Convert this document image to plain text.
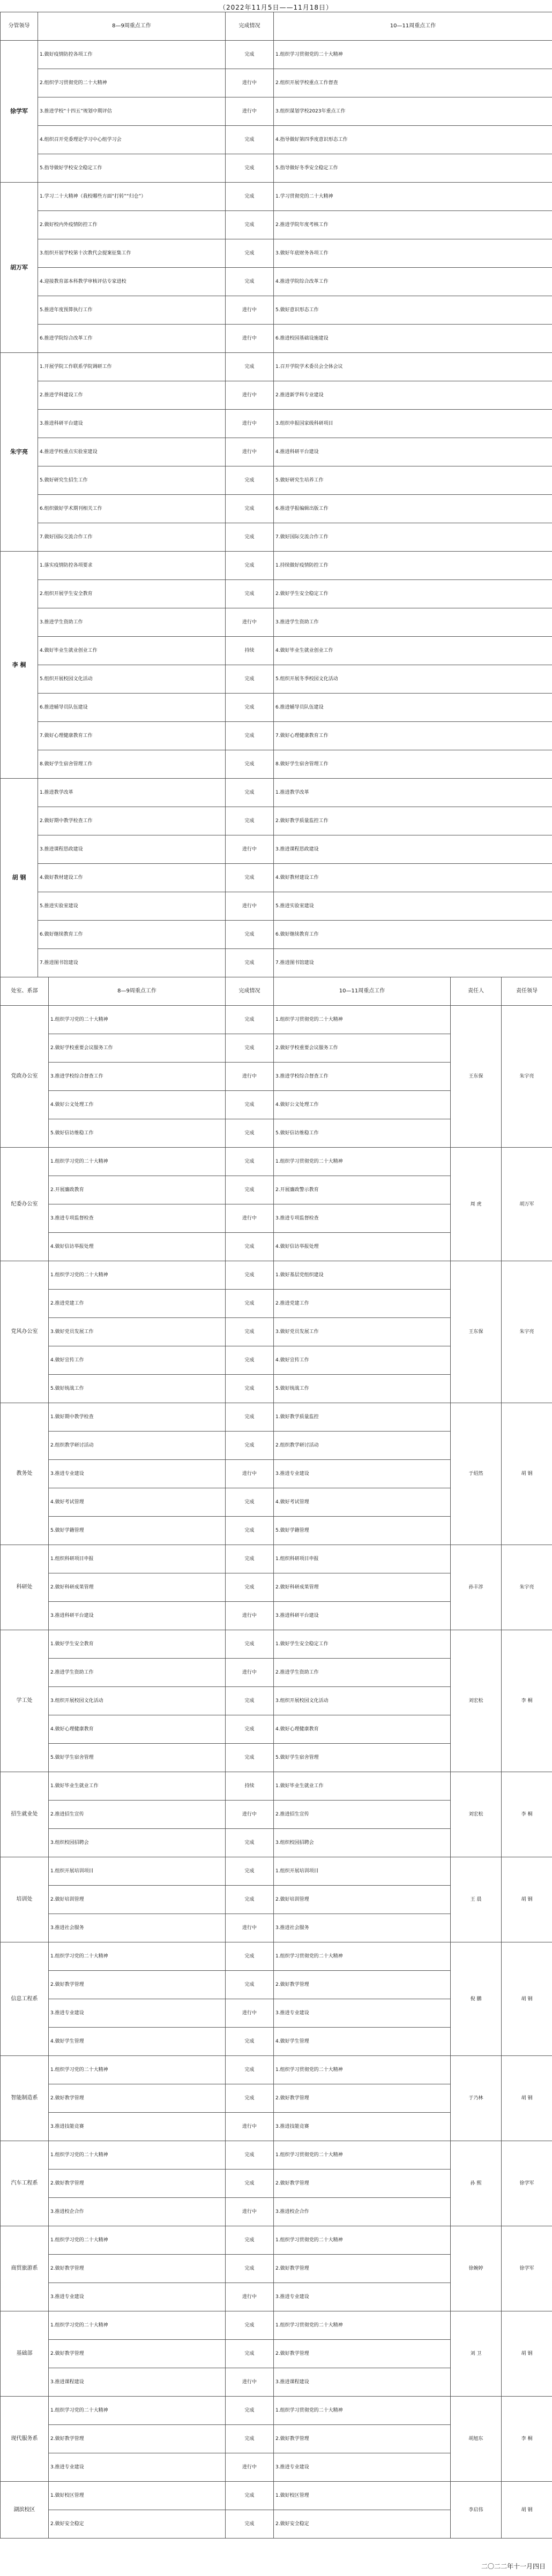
（2022年11月5日——11月18日）
分管领导	8—9周重点工作		完成情况	10—11周重点工作		
徐学军	1.做好疫情防控各项工作		完成	1.组织学习贯彻党的二十大精神		
	2.组织学习贯彻党的二十大精神		进行中	2.组织开展学校重点工作督查		
	3.推进学校“十四五”规划中期评估		进行中	3.组织谋划学校2023年重点工作		
	4.组织召开党委理论学习中心组学习会		完成	4.指导做好第四季度意识形态工作		
	5.指导做好学校安全稳定工作		完成	5.指导做好冬季安全稳定工作		
胡万军	1.学习二十大精神（我校哪些方面“打转”“归仓”）		完成	1.学习贯彻党的二十大精神		
	2.做好校内外疫情防控工作		完成	2.推进学院年度考核工作		
	3.组织开展学校第十次教代会提案征集工作		完成	3.做好年底财务各项工作		
	4.迎接教育部本科教学审核评估专家进校		完成	4.推进学院综合改革工作		
	5.推进年度预算执行工作		进行中	5.做好意识形态工作		
	6.推进学院综合改革工作		进行中	6.推进校园基础设施建设		
朱宇亮	1.开展学院工作联系学院调研工作		完成	1.召开学院学术委员会全体会议		
	2.推进学科建设工作		进行中	2.推进新学科专业建设		
	3.推进科研平台建设		进行中	3.组织申报国家级科研项目		
	4.推进学校重点实验室建设		进行中	4.推进科研平台建设		
	5.做好研究生招生工作		完成	5.做好研究生培养工作		
	6.组织做好学术期刊相关工作		完成	6.推进学报编辑出版工作		
	7.做好国际交流合作工作		完成	7.做好国际交流合作工作		
李 桐	1.落实疫情防控各项要求		完成	1.持续做好疫情防控工作		
	2.组织开展学生安全教育		完成	2.做好学生安全稳定工作		
	3.推进学生资助工作		进行中	3.推进学生资助工作		
	4.做好毕业生就业创业工作		持续	4.做好毕业生就业创业工作		
	5.组织开展校园文化活动		完成	5.组织开展冬季校园文化活动		
	6.推进辅导员队伍建设		完成	6.推进辅导员队伍建设		
	7.做好心理健康教育工作		完成	7.做好心理健康教育工作		
	8.做好学生宿舍管理工作		完成	8.做好学生宿舍管理工作		
胡 钢	1.推进教学改革		完成	1.推进教学改革		
	2.做好期中教学检查工作		完成	2.做好教学质量监控工作		
	3.推进课程思政建设		进行中	3.推进课程思政建设		
	4.做好教材建设工作		完成	4.做好教材建设工作		
	5.推进实验室建设		进行中	5.推进实验室建设		
	6.做好继续教育工作		完成	6.做好继续教育工作		
	7.推进图书馆建设		完成	7.推进图书馆建设		
处室、系部		8—9周重点工作	完成情况	10—11周重点工作	责任人	责任领导
党政办公室		1.组织学习党的二十大精神	完成	1.组织学习贯彻党的二十大精神	王东保	朱宇亮
		2.做好学校重要会议服务工作	完成	2.做好学校重要会议服务工作		
		3.推进学校综合督查工作	进行中	3.推进学校综合督查工作		
		4.做好公文处理工作	完成	4.做好公文处理工作		
		5.做好信访维稳工作	完成	5.做好信访维稳工作		
纪委办公室		1.组织学习党的二十大精神	完成	1.组织学习贯彻党的二十大精神	周 虎	胡万军
		2.开展廉政教育	完成	2.开展廉政警示教育		
		3.推进专项监督检查	进行中	3.推进专项监督检查		
		4.做好信访举报处理	完成	4.做好信访举报处理		
党风办公室		1.组织学习党的二十大精神	完成	1.做好基层党组织建设	王东保	朱宇亮
		2.推进党建工作	完成	2.推进党建工作		
		3.做好党员发展工作	完成	3.做好党员发展工作		
		4.做好宣传工作	完成	4.做好宣传工作		
		5.做好统战工作	完成	5.做好统战工作		
教务处		1.做好期中教学检查	完成	1.做好教学质量监控	于绍然	胡 钢
		2.组织教学研讨活动	完成	2.组织教学研讨活动		
		3.推进专业建设	进行中	3.推进专业建设		
		4.做好考试管理	完成	4.做好考试管理		
		5.做好学籍管理	完成	5.做好学籍管理		
科研处		1.组织科研项目申报	完成	1.组织科研项目申报	孙丰淳	朱宇亮
		2.做好科研成果管理	完成	2.做好科研成果管理		
		3.推进科研平台建设	进行中	3.推进科研平台建设		
学工处		1.做好学生安全教育	完成	1.做好学生安全稳定工作	刘宏松	李 桐
		2.推进学生资助工作	进行中	2.推进学生资助工作		
		3.组织开展校园文化活动	完成	3.组织开展校园文化活动		
		4.做好心理健康教育	完成	4.做好心理健康教育		
		5.做好学生宿舍管理	完成	5.做好学生宿舍管理		
招生就业处		1.做好毕业生就业工作	持续	1.做好毕业生就业工作	刘宏松	李 桐
		2.推进招生宣传	进行中	2.推进招生宣传		
		3.组织校园招聘会	完成	3.组织校园招聘会		
培训处		1.组织开展培训项目	完成	1.组织开展培训项目	王 晨	胡 钢
		2.做好培训管理	完成	2.做好培训管理		
		3.推进社会服务	进行中	3.推进社会服务		
信息工程系		1.组织学习党的二十大精神	完成	1.组织学习贯彻党的二十大精神	倪 鹏	胡 钢
		2.做好教学管理	完成	2.做好教学管理		
		3.推进专业建设	进行中	3.推进专业建设		
		4.做好学生管理	完成	4.做好学生管理		
智能制造系		1.组织学习党的二十大精神	完成	1.组织学习贯彻党的二十大精神	于乃林	胡 钢
		2.做好教学管理	完成	2.做好教学管理		
		3.推进技能竞赛	进行中	3.推进技能竞赛		
汽车工程系		1.组织学习党的二十大精神	完成	1.组织学习贯彻党的二十大精神	孙 熙	徐学军
		2.做好教学管理	完成	2.做好教学管理		
		3.推进校企合作	进行中	3.推进校企合作		
商贸旅游系		1.组织学习党的二十大精神	完成	1.组织学习贯彻党的二十大精神	徐婉婷	徐学军
		2.做好教学管理	完成	2.做好教学管理		
		3.推进专业建设	进行中	3.推进专业建设		
基础部		1.组织学习党的二十大精神	完成	1.组织学习贯彻党的二十大精神	刘 卫	胡 钢
		2.做好教学管理	完成	2.做好教学管理		
		3.推进课程建设	进行中	3.推进课程建设		
现代服务系		1.组织学习党的二十大精神	完成	1.组织学习贯彻党的二十大精神	胡旭东	李 桐
		2.做好教学管理	完成	2.做好教学管理		
		3.推进专业建设	进行中	3.推进专业建设		
湖滨校区		1.做好校区管理	完成	1.做好校区管理	李启伟	胡 钢
		2.做好安全稳定	完成	2.做好安全稳定		
二〇二二年十一月四日
